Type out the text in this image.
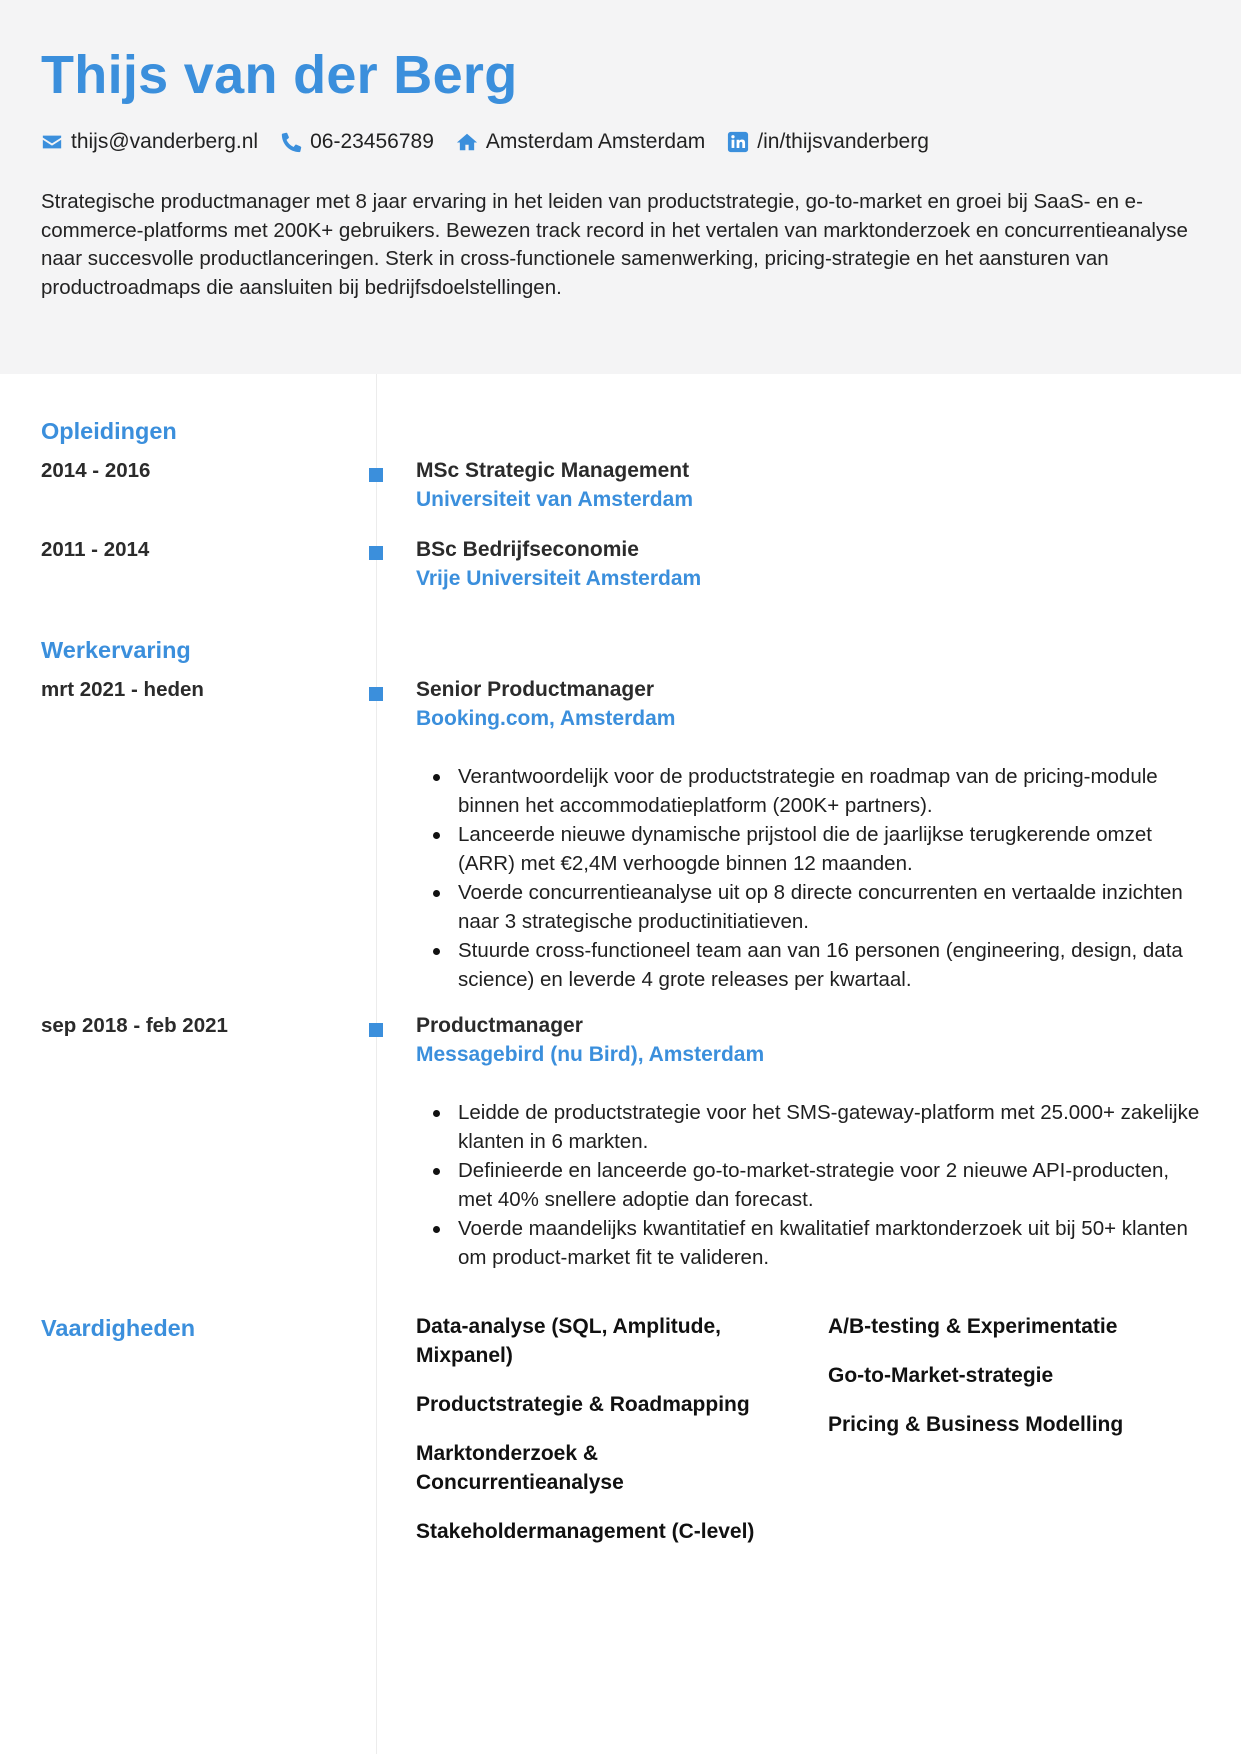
Thijs van der Berg
thijs@vanderberg.nl 06-23456789 Amsterdam Amsterdam /in/thijsvanderberg

Strategische productmanager met 8 jaar ervaring in het leiden van productstrategie, go-to-market en groei bij SaaS- en e-commerce-platforms met 200K+ gebruikers. Bewezen track record in het vertalen van marktonderzoek en concurrentieanalyse naar succesvolle productlanceringen. Sterk in cross-functionele samenwerking, pricing-strategie en het aansturen van productroadmaps die aansluiten bij bedrijfsdoelstellingen.

Opleidingen
2014 - 2016	MSc Strategic Management
Universiteit van Amsterdam
2011 - 2014	BSc Bedrijfseconomie
Vrije Universiteit Amsterdam
Werkervaring
mrt 2021 - heden	Senior Productmanager
Booking.com, Amsterdam
Verantwoordelijk voor de productstrategie en roadmap van de pricing-module binnen het accommodatieplatform (200K+ partners).
Lanceerde nieuwe dynamische prijstool die de jaarlijkse terugkerende omzet (ARR) met €2,4M verhoogde binnen 12 maanden.
Voerde concurrentieanalyse uit op 8 directe concurrenten en vertaalde inzichten naar 3 strategische productinitiatieven.
Stuurde cross-functioneel team aan van 16 personen (engineering, design, data science) en leverde 4 grote releases per kwartaal.
sep 2018 - feb 2021	Productmanager
Messagebird (nu Bird), Amsterdam
Leidde de productstrategie voor het SMS-gateway-platform met 25.000+ zakelijke klanten in 6 markten.
Definieerde en lanceerde go-to-market-strategie voor 2 nieuwe API-producten, met 40% snellere adoptie dan forecast.
Voerde maandelijks kwantitatief en kwalitatief marktonderzoek uit bij 50+ klanten om product-market fit te valideren.
Vaardigheden	Data-analyse (SQL, Amplitude, Mixpanel)
Productstrategie & Roadmapping
Marktonderzoek & Concurrentieanalyse
Stakeholdermanagement (C-level)
A/B-testing & Experimentatie
Go-to-Market-strategie
Pricing & Business Modelling
